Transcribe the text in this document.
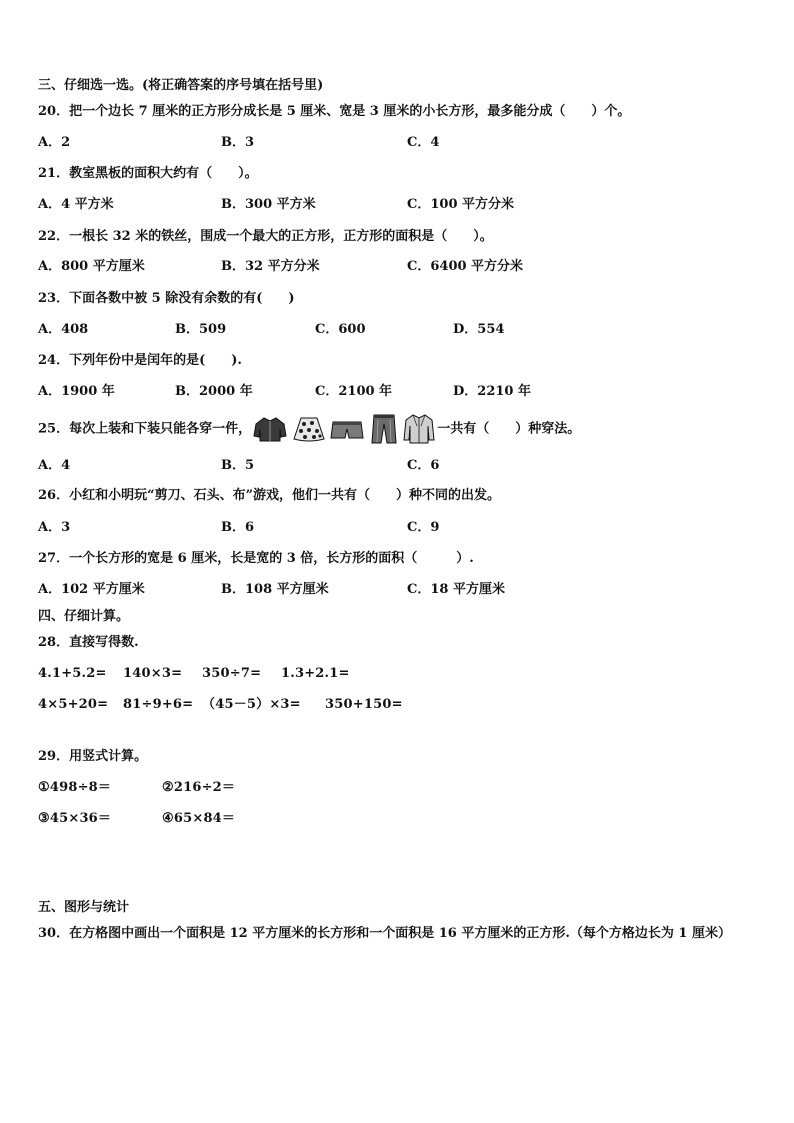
三、仔细选一选。(将正确答案的序号填在括号里)
20．把一个边长 7 厘米的正方形分成长是 5 厘米、宽是 3 厘米的小长方形，最多能分成（　　）个。
A．2	B．3	C．4
21．教室黑板的面积大约有（　　）。
A．4 平方米	B．300 平方米	C．100 平方分米
22．一根长 32 米的铁丝，围成一个最大的正方形，正方形的面积是（　　）。
A．800 平方厘米	B．32 平方分米	C．6400 平方分米
23．下面各数中被 5 除没有余数的有(　　)
A．408	B．509	C．600	D．554
24．下列年份中是闰年的是(　　).
A．1900 年	B．2000 年	C．2100 年	D．2210 年
25．每次上装和下装只能各穿一件，	一共有（　　）种穿法。
A．4	B．5	C．6
26．小红和小明玩“剪刀、石头、布”游戏，他们一共有（　　）种不同的出发。
A．3	B．6	C．9
27．一个长方形的宽是 6 厘米，长是宽的 3 倍，长方形的面积（　　　）.
A．102 平方厘米	B．108 平方厘米	C．18 平方厘米
四、仔细计算。
28．直接写得数.
4.1+5.2= 140×3= 350÷7= 1.3+2.1=
4×5+20= 81÷9+6= （45－5）×3= 350+150=
29．用竖式计算。
①498÷8＝	②216÷2＝
③45×36＝	④65×84＝
五、图形与统计
30．在方格图中画出一个面积是 12 平方厘米的长方形和一个面积是 16 平方厘米的正方形.（每个方格边长为 1 厘米）
